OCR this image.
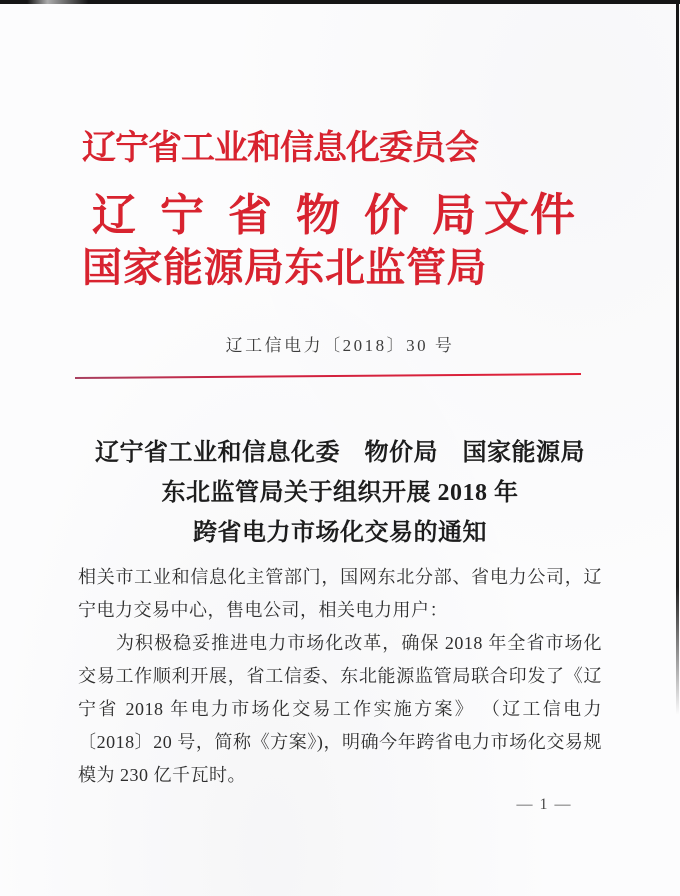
辽宁省工业和信息化委员会
辽宁省物价局
文件
国家能源局东北监管局
辽工信电力〔2018〕30 号
辽宁省工业和信息化委　物价局　国家能源局
东北监管局关于组织开展 2018 年
跨省电力市场化交易的通知
相关市工业和信息化主管部门，国网东北分部、省电力公司，辽
宁电力交易中心，售电公司，相关电力用户：
　　为积极稳妥推进电力市场化改革，确保 2018 年全省市场化
交易工作顺利开展，省工信委、东北能源监管局联合印发了《辽
宁省 2018 年电力市场化交易工作实施方案》 （辽工信电力
〔2018〕20 号，简称《方案》)，明确今年跨省电力市场化交易规
模为 230 亿千瓦时。
— 1 —
